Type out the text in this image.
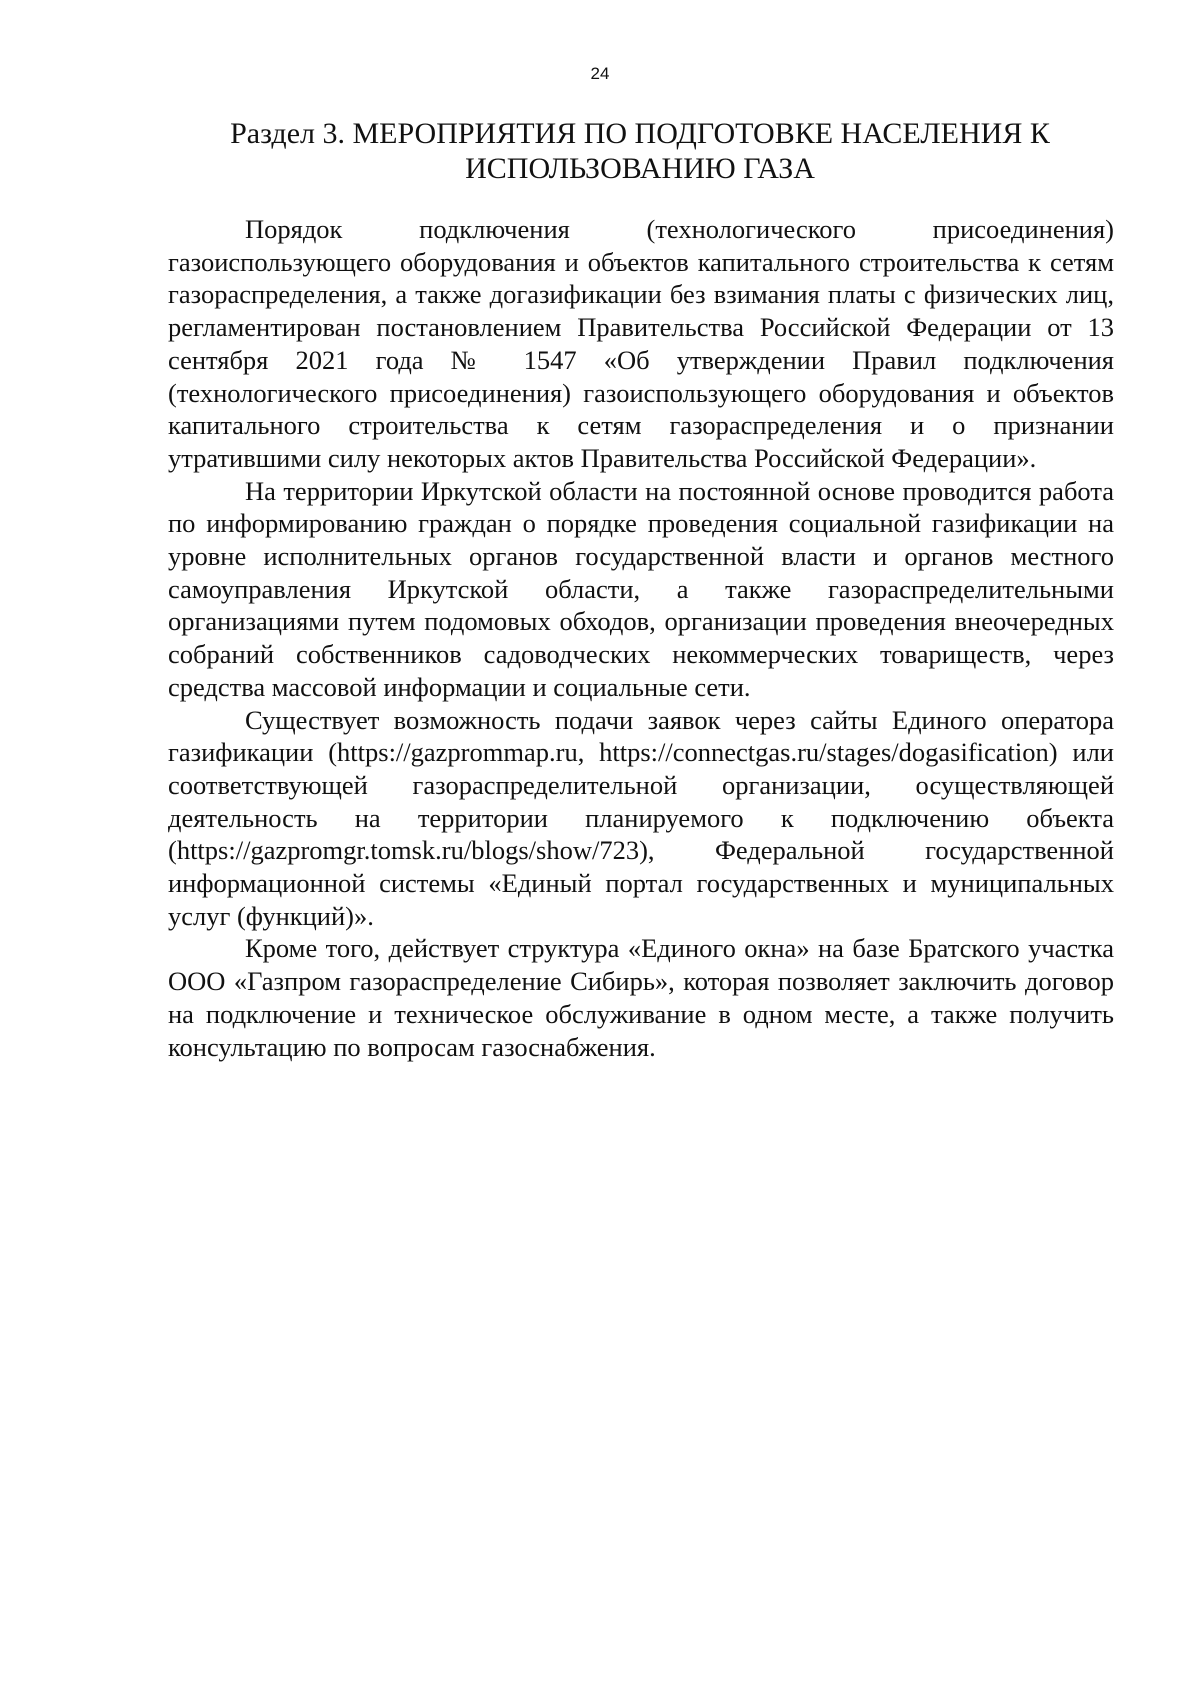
24
Раздел 3. МЕРОПРИЯТИЯ ПО ПОДГОТОВКЕ НАСЕЛЕНИЯ К ИСПОЛЬЗОВАНИЮ ГАЗА

Порядок подключения (технологического присоединения) газоиспользующего оборудования и объектов капитального строительства к сетям газораспределения, а также догазификации без взимания платы с физических лиц, регламентирован постановлением Правительства Российской Федерации от 13 сентября 2021 года № 1547 «Об утверждении Правил подключения (технологического присоединения) газоиспользующего оборудования и объектов капитального строительства к сетям газораспределения и о признании утратившими силу некоторых актов Правительства Российской Федерации».

На территории Иркутской области на постоянной основе проводится работа по информированию граждан о порядке проведения социальной газификации на уровне исполнительных органов государственной власти и органов местного самоуправления Иркутской области, а также газораспределительными организациями путем подомовых обходов, организации проведения внеочередных собраний собственников садоводческих некоммерческих товариществ, через средства массовой информации и социальные сети.

Существует возможность подачи заявок через сайты Единого оператора газификации (https://gazprommap.ru, https://connectgas.ru/stages/dogasification) или соответствующей газораспределительной организации, осуществляющей деятельность на территории планируемого к подключению объекта (https://gazpromgr.tomsk.ru/blogs/show/723), Федеральной государственной информационной системы «Единый портал государственных и муниципальных услуг (функций)».

Кроме того, действует структура «Единого окна» на базе Братского участка ООО «Газпром газораспределение Сибирь», которая позволяет заключить договор на подключение и техническое обслуживание в одном месте, а также получить консультацию по вопросам газоснабжения.
